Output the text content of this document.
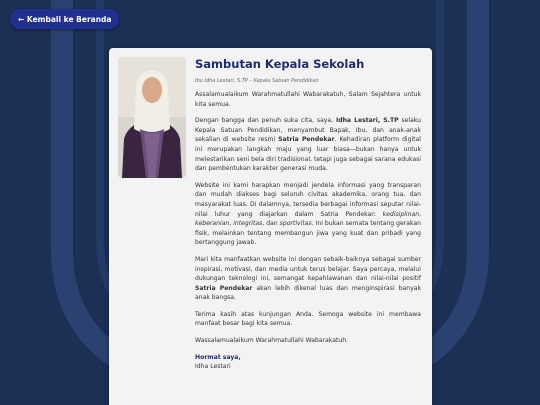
← Kembali ke Beranda
Sambutan Kepala Sekolah
Ibu Idha Lestari, S.TP – Kepala Satuan Pendidikan

Assalamualaikum Warahmatullahi Wabarakatuh, Salam Sejahtera untuk kita semua.

Dengan bangga dan penuh suka cita, saya, Idha Lestari, S.TP selaku Kepala Satuan Pendidikan, menyambut Bapak, Ibu, dan anak-anak sekalian di website resmi Satria Pendekar. Kehadiran platform digital ini merupakan langkah maju yang luar biasa—bukan hanya untuk melestarikan seni bela diri tradisional, tetapi juga sebagai sarana edukasi dan pembentukan karakter generasi muda.

Website ini kami harapkan menjadi jendela informasi yang transparan dan mudah diakses bagi seluruh civitas akademika, orang tua, dan masyarakat luas. Di dalamnya, tersedia berbagai informasi seputar nilai-nilai luhur yang diajarkan dalam Satria Pendekar: kedisiplinan, keberanian, integritas, dan sportivitas. Ini bukan semata tentang gerakan fisik, melainkan tentang membangun jiwa yang kuat dan pribadi yang bertanggung jawab.

Mari kita manfaatkan website ini dengan sebaik-baiknya sebagai sumber inspirasi, motivasi, dan media untuk terus belajar. Saya percaya, melalui dukungan teknologi ini, semangat kepahlawanan dan nilai-nilai positif Satria Pendekar akan lebih dikenal luas dan menginspirasi banyak anak bangsa.

Terima kasih atas kunjungan Anda. Semoga website ini membawa manfaat besar bagi kita semua.

Wassalamualaikum Warahmatullahi Wabarakatuh.

Hormat saya,
Idha Lestari
